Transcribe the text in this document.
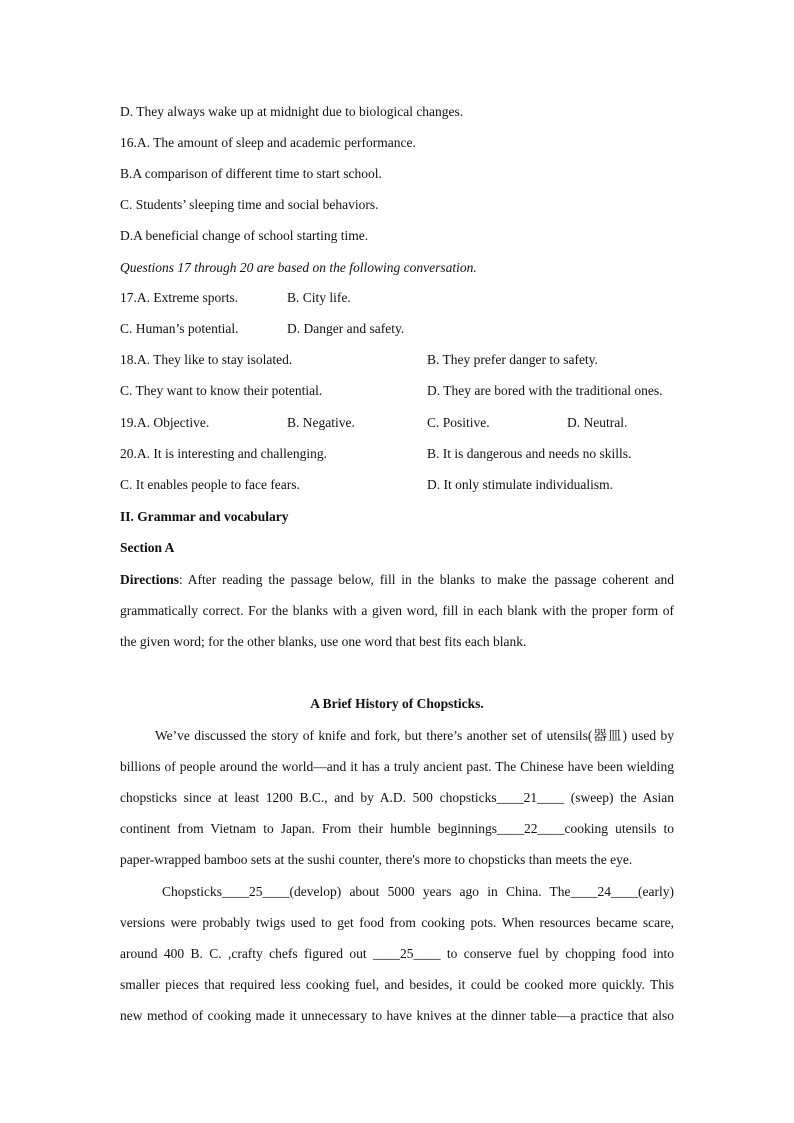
D. They always wake up at midnight due to biological changes.
16.A. The amount of sleep and academic performance.
B.A comparison of different time to start school.
C. Students’ sleeping time and social behaviors.
D.A beneficial change of school starting time.
Questions 17 through 20 are based on the following conversation.
17.A. Extreme sports.	B. City life.
C. Human’s potential.	D. Danger and safety.
18.A. They like to stay isolated.	B. They prefer danger to safety.
C. They want to know their potential.	D. They are bored with the traditional ones.
19.A. Objective.	B. Negative.	C. Positive.	D. Neutral.
20.A. It is interesting and challenging.	B. It is dangerous and needs no skills.
C. It enables people to face fears.	D. It only stimulate individualism.
II. Grammar and vocabulary
Section A
Directions: After reading the passage below, fill in the blanks to make the passage coherent and
grammatically correct. For the blanks with a given word, fill in each blank with the proper form of
the given word; for the other blanks, use one word that best fits each blank.
A Brief History of Chopsticks.
We’ve discussed the story of knife and fork, but there’s another set of utensils(器皿) used by
billions of people around the world—and it has a truly ancient past. The Chinese have been wielding
chopsticks since at least 1200 B.C., and by A.D. 500 chopsticks____21____ (sweep) the Asian
continent from Vietnam to Japan. From their humble beginnings____22____cooking utensils to
paper-wrapped bamboo sets at the sushi counter, there's more to chopsticks than meets the eye.
Chopsticks____25____(develop) about 5000 years ago in China. The____24____(early)
versions were probably twigs used to get food from cooking pots. When resources became scare,
around 400 B. C. ,crafty chefs figured out ____25____ to conserve fuel by chopping food into
smaller pieces that required less cooking fuel, and besides, it could be cooked more quickly. This
new method of cooking made it unnecessary to have knives at the dinner table—a practice that also
